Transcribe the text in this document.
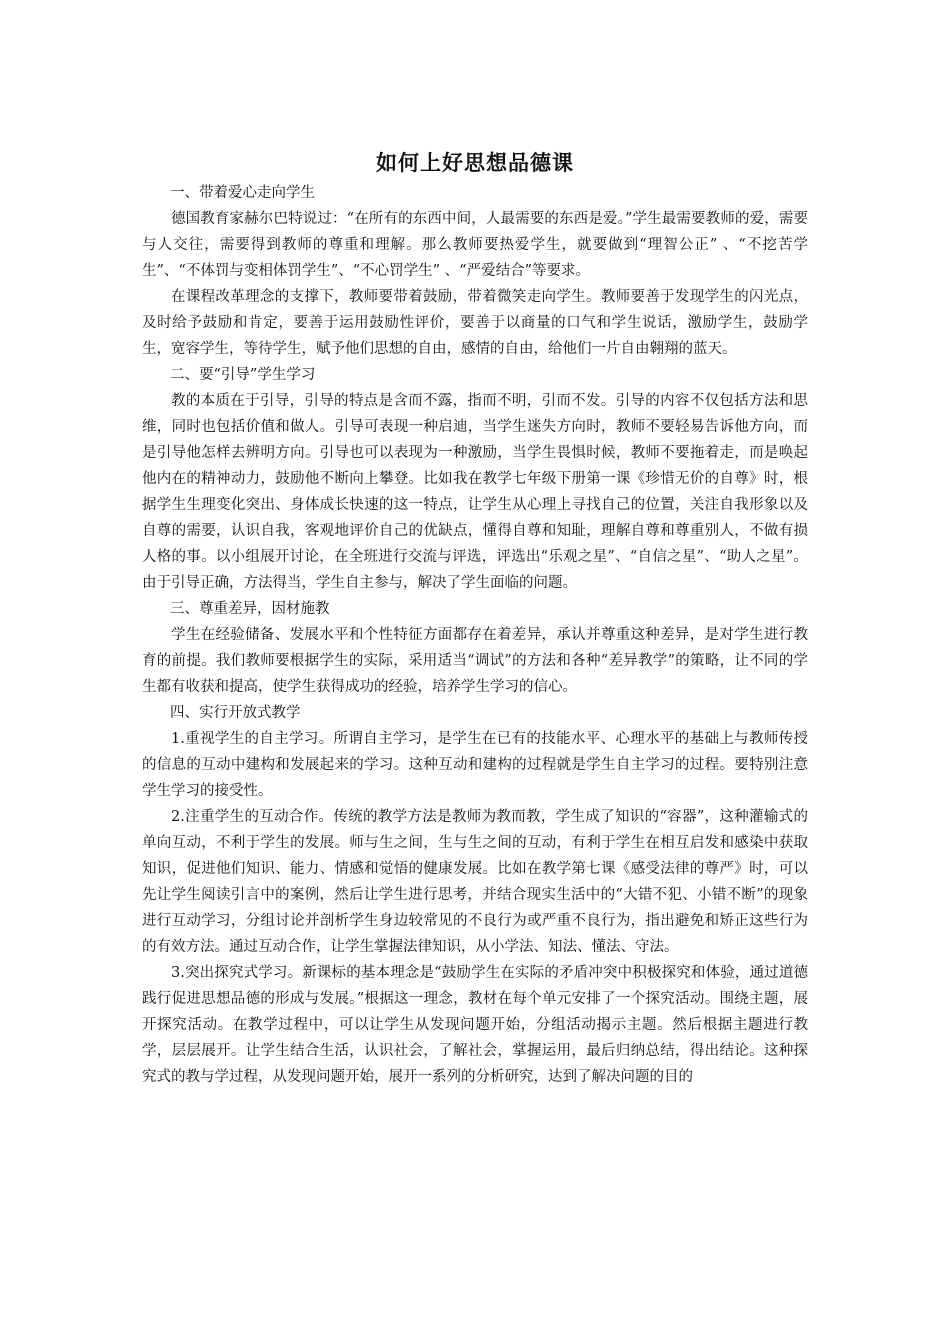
如何上好思想品德课

一、带着爱心走向学生

德国教育家赫尔巴特说过：“在所有的东西中间，人最需要的东西是爱。”学生最需要教师的爱，需要与人交往，需要得到教师的尊重和理解。那么教师要热爱学生，就要做到“理智公正” 、“不挖苦学生”、“不体罚与变相体罚学生”、“不心罚学生” 、“严爱结合”等要求。

在课程改革理念的支撑下，教师要带着鼓励，带着微笑走向学生。教师要善于发现学生的闪光点，及时给予鼓励和肯定，要善于运用鼓励性评价，要善于以商量的口气和学生说话，激励学生，鼓励学生，宽容学生，等待学生，赋予他们思想的自由，感情的自由，给他们一片自由翱翔的蓝天。

二、要“引导”学生学习

教的本质在于引导，引导的特点是含而不露，指而不明，引而不发。引导的内容不仅包括方法和思维，同时也包括价值和做人。引导可表现一种启迪，当学生迷失方向时，教师不要轻易告诉他方向，而是引导他怎样去辨明方向。引导也可以表现为一种激励，当学生畏惧时候，教师不要拖着走，而是唤起他内在的精神动力，鼓励他不断向上攀登。比如我在教学七年级下册第一课《珍惜无价的自尊》时，根据学生生理变化突出、身体成长快速的这一特点，让学生从心理上寻找自己的位置，关注自我形象以及自尊的需要，认识自我，客观地评价自己的优缺点，懂得自尊和知耻，理解自尊和尊重别人，不做有损人格的事。以小组展开讨论，在全班进行交流与评选，评选出“乐观之星”、“自信之星”、“助人之星”。由于引导正确，方法得当，学生自主参与，解决了学生面临的问题。

三、尊重差异，因材施教

学生在经验储备、发展水平和个性特征方面都存在着差异，承认并尊重这种差异，是对学生进行教育的前提。我们教师要根据学生的实际，采用适当“调试”的方法和各种“差异教学”的策略，让不同的学生都有收获和提高，使学生获得成功的经验，培养学生学习的信心。

四、实行开放式教学

1.重视学生的自主学习。所谓自主学习，是学生在已有的技能水平、心理水平的基础上与教师传授的信息的互动中建构和发展起来的学习。这种互动和建构的过程就是学生自主学习的过程。要特别注意学生学习的接受性。

2.注重学生的互动合作。传统的教学方法是教师为教而教，学生成了知识的“容器”，这种灌输式的单向互动，不利于学生的发展。师与生之间，生与生之间的互动，有利于学生在相互启发和感染中获取知识，促进他们知识、能力、情感和觉悟的健康发展。比如在教学第七课《感受法律的尊严》时，可以先让学生阅读引言中的案例，然后让学生进行思考，并结合现实生活中的“大错不犯、小错不断”的现象进行互动学习，分组讨论并剖析学生身边较常见的不良行为或严重不良行为，指出避免和矫正这些行为的有效方法。通过互动合作，让学生掌握法律知识，从小学法、知法、懂法、守法。

3.突出探究式学习。新课标的基本理念是“鼓励学生在实际的矛盾冲突中积极探究和体验，通过道德践行促进思想品德的形成与发展。”根据这一理念，教材在每个单元安排了一个探究活动。围绕主题，展开探究活动。在教学过程中，可以让学生从发现问题开始，分组活动揭示主题。然后根据主题进行教学，层层展开。让学生结合生活，认识社会，了解社会，掌握运用，最后归纳总结，得出结论。这种探究式的教与学过程，从发现问题开始，展开一系列的分析研究，达到了解决问题的目的
